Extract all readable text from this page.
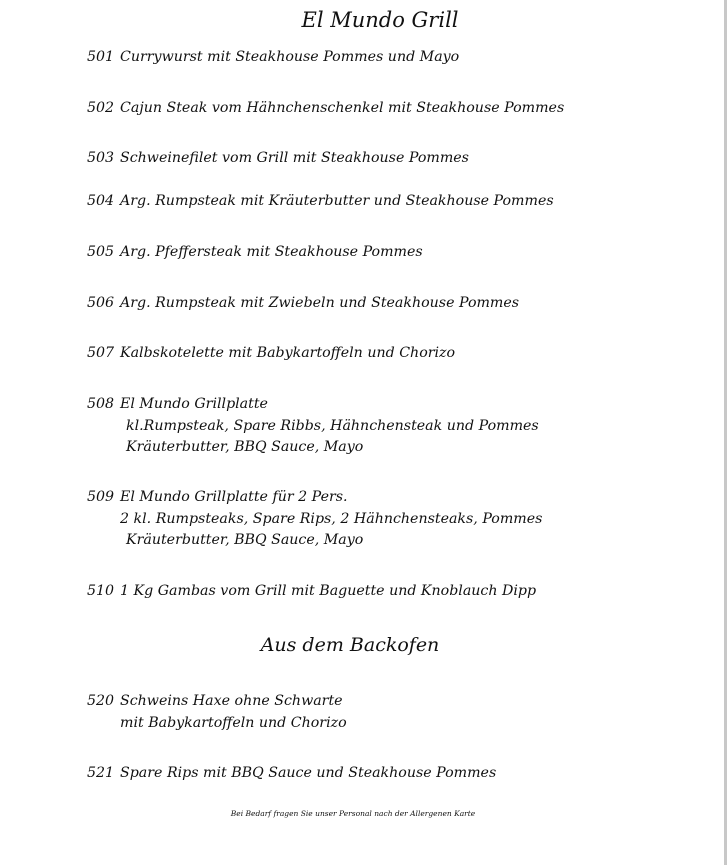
El Mundo Grill
501 Currywurst mit Steakhouse Pommes und Mayo
502 Cajun Steak vom Hähnchenschenkel mit Steakhouse Pommes
503 Schweinefilet vom Grill mit Steakhouse Pommes
504 Arg. Rumpsteak mit Kräuterbutter und Steakhouse Pommes
505 Arg. Pfeffersteak mit Steakhouse Pommes
506 Arg. Rumpsteak mit Zwiebeln und Steakhouse Pommes
507 Kalbskotelette mit Babykartoffeln und Chorizo
508 El Mundo Grillplatte
kl.Rumpsteak, Spare Ribbs, Hähnchensteak und Pommes
Kräuterbutter, BBQ Sauce, Mayo
509 El Mundo Grillplatte für 2 Pers.
2 kl. Rumpsteaks, Spare Rips, 2 Hähnchensteaks, Pommes
Kräuterbutter, BBQ Sauce, Mayo
510 1 Kg Gambas vom Grill mit Baguette und Knoblauch Dipp
Aus dem Backofen
520 Schweins Haxe ohne Schwarte
mit Babykartoffeln und Chorizo
521 Spare Rips mit BBQ Sauce und Steakhouse Pommes
Bei Bedarf fragen Sie unser Personal nach der Allergenen Karte
